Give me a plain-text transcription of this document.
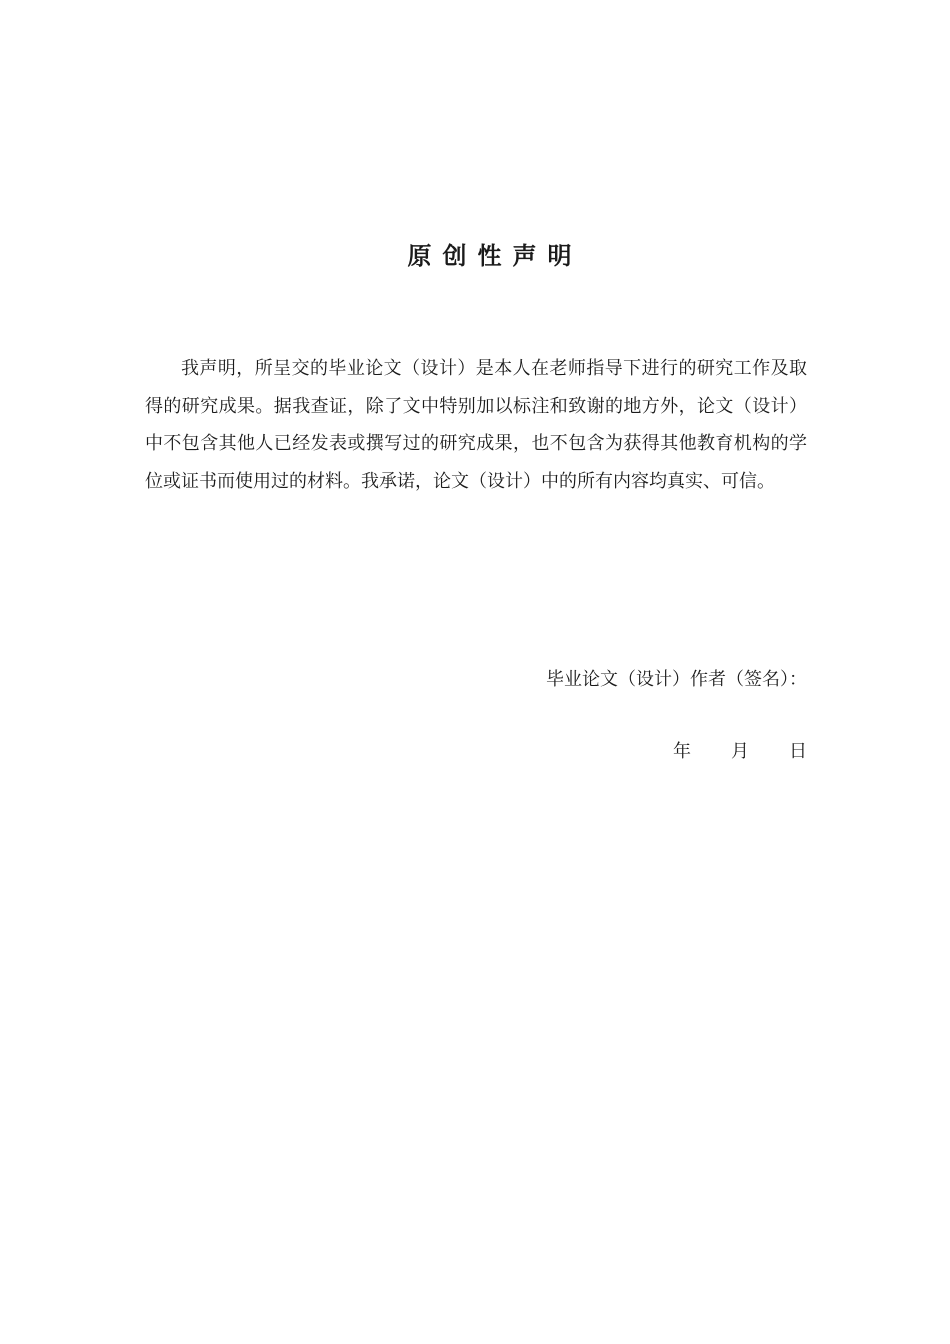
原创性声明

我声明，所呈交的毕业论文（设计）是本人在老师指导下进行的研究工作及取得的研究成果。据我查证，除了文中特别加以标注和致谢的地方外，论文（设计）中不包含其他人已经发表或撰写过的研究成果，也不包含为获得其他教育机构的学位或证书而使用过的材料。我承诺，论文（设计）中的所有内容均真实、可信。

毕业论文（设计）作者（签名）：
年 月 日
